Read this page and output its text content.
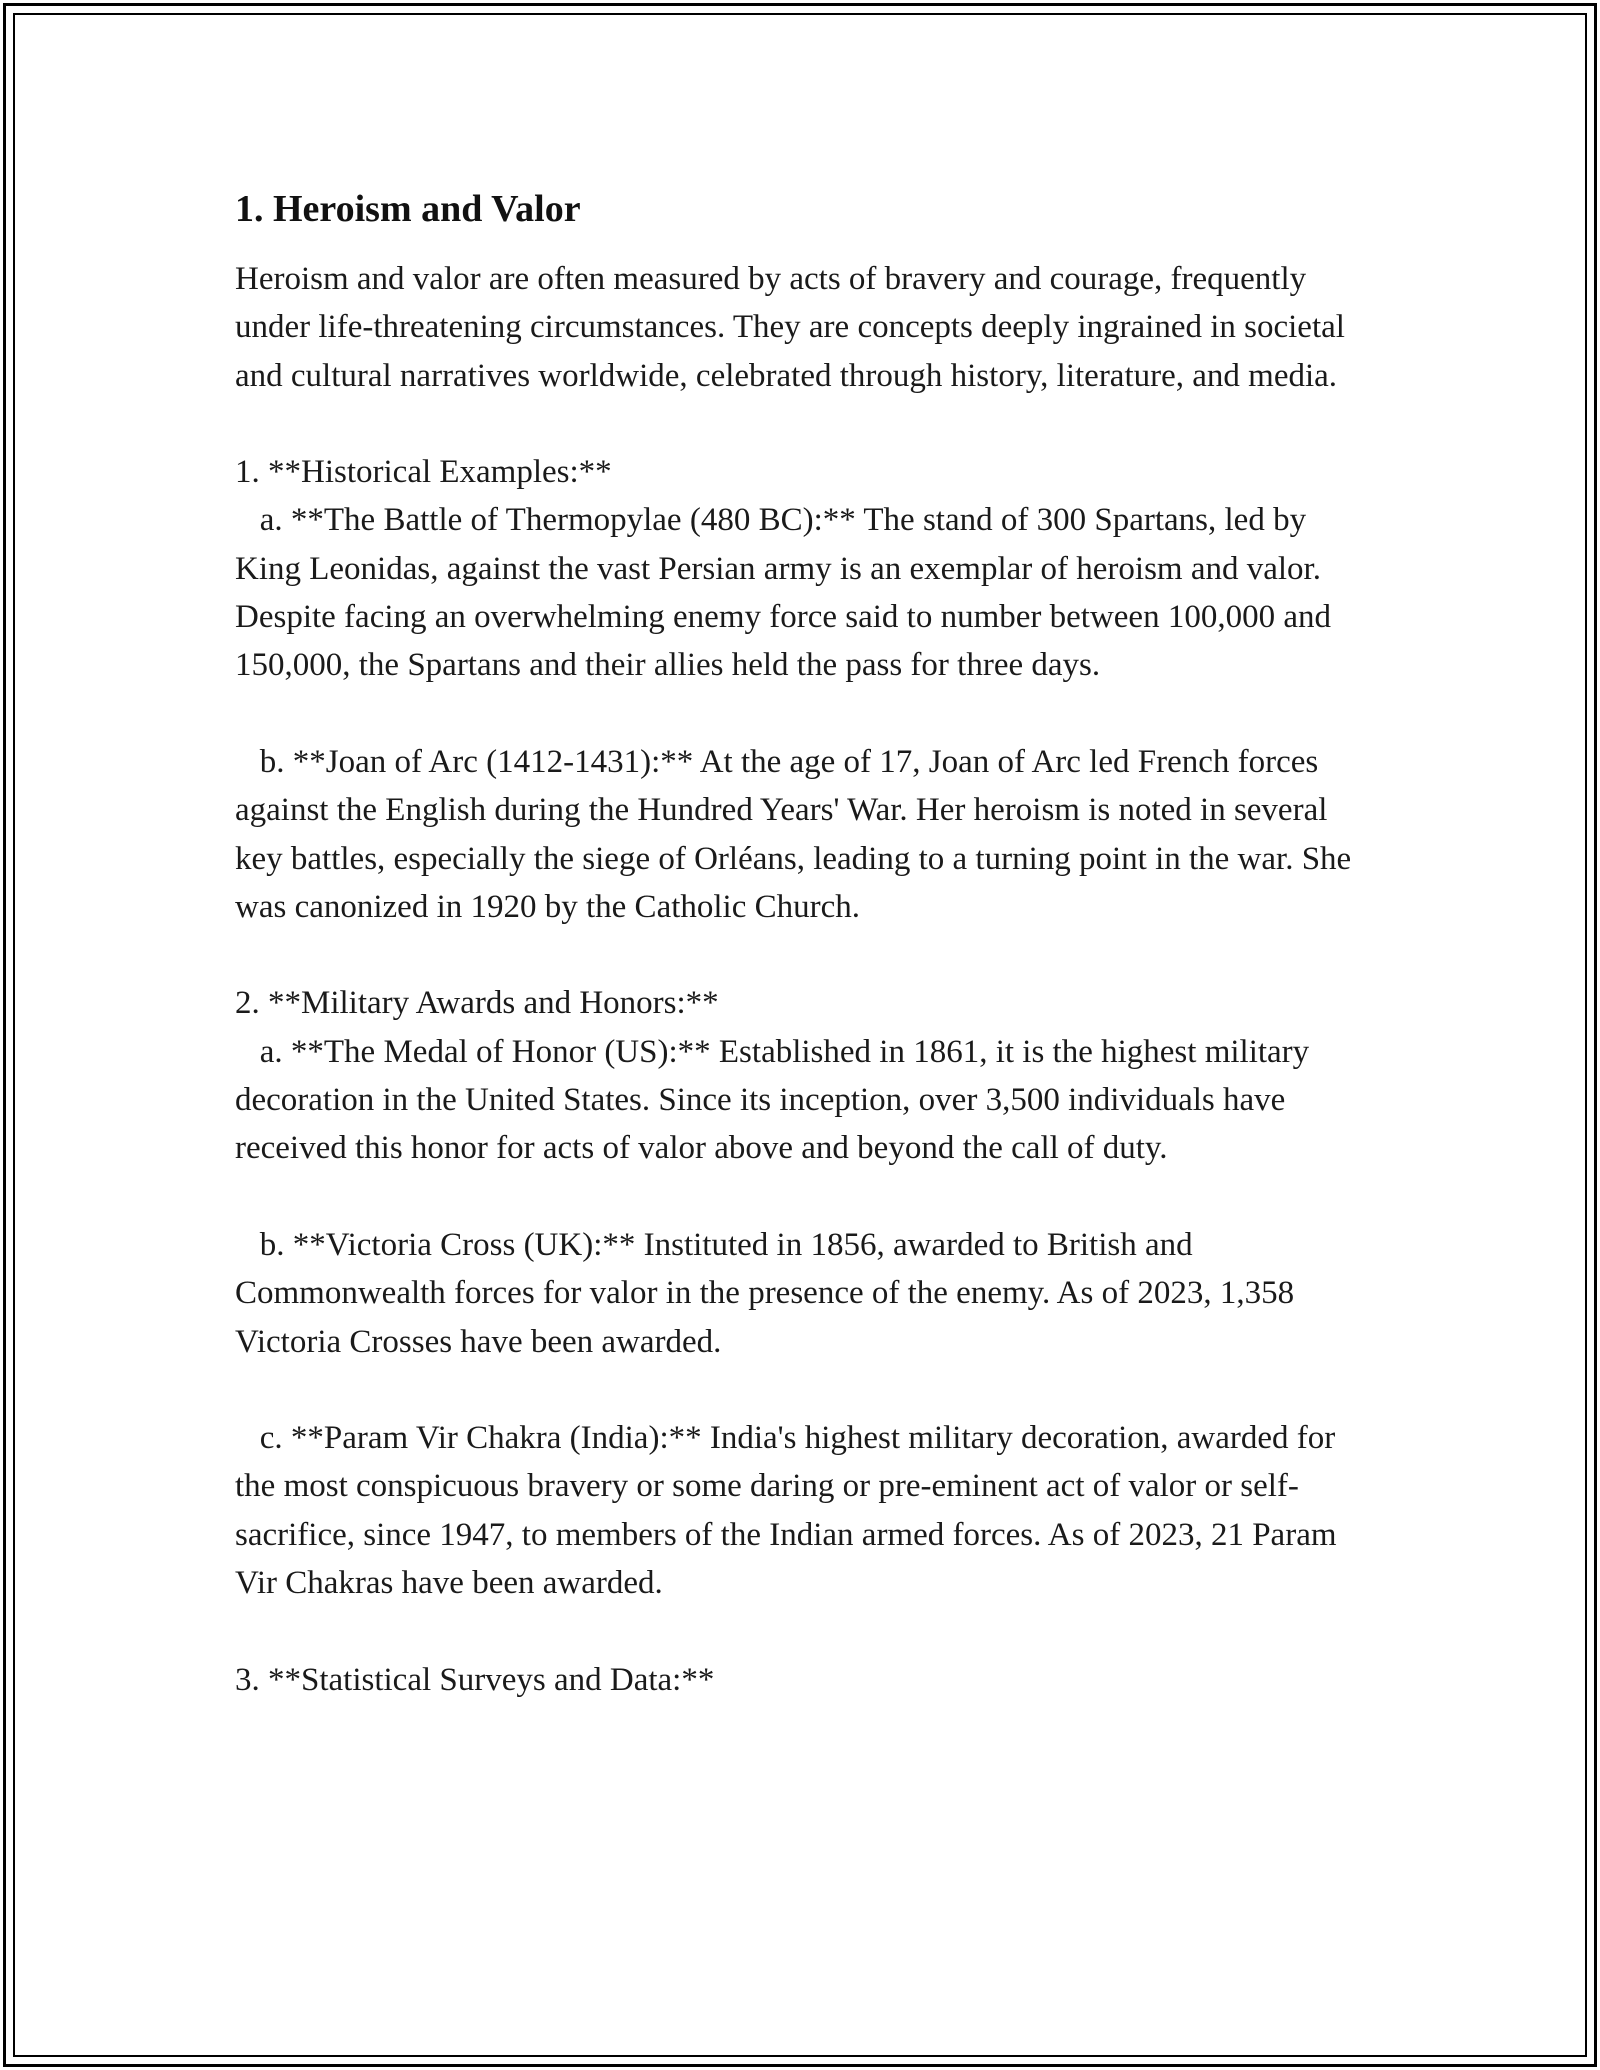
1. Heroism and Valor

Heroism and valor are often measured by acts of bravery and courage, frequently under life-threatening circumstances. They are concepts deeply ingrained in societal and cultural narratives worldwide, celebrated through history, literature, and media.

1. **Historical Examples:**

a. **The Battle of Thermopylae (480 BC):** The stand of 300 Spartans, led by King Leonidas, against the vast Persian army is an exemplar of heroism and valor. Despite facing an overwhelming enemy force said to number between 100,000 and 150,000, the Spartans and their allies held the pass for three days.

b. **Joan of Arc (1412-1431):** At the age of 17, Joan of Arc led French forces against the English during the Hundred Years' War. Her heroism is noted in several key battles, especially the siege of Orléans, leading to a turning point in the war. She was canonized in 1920 by the Catholic Church.

2. **Military Awards and Honors:**

a. **The Medal of Honor (US):** Established in 1861, it is the highest military decoration in the United States. Since its inception, over 3,500 individuals have received this honor for acts of valor above and beyond the call of duty.

b. **Victoria Cross (UK):** Instituted in 1856, awarded to British and Commonwealth forces for valor in the presence of the enemy. As of 2023, 1,358 Victoria Crosses have been awarded.

c. **Param Vir Chakra (India):** India's highest military decoration, awarded for the most conspicuous bravery or some daring or pre-eminent act of valor or self-sacrifice, since 1947, to members of the Indian armed forces. As of 2023, 21 Param Vir Chakras have been awarded.

3. **Statistical Surveys and Data:**
